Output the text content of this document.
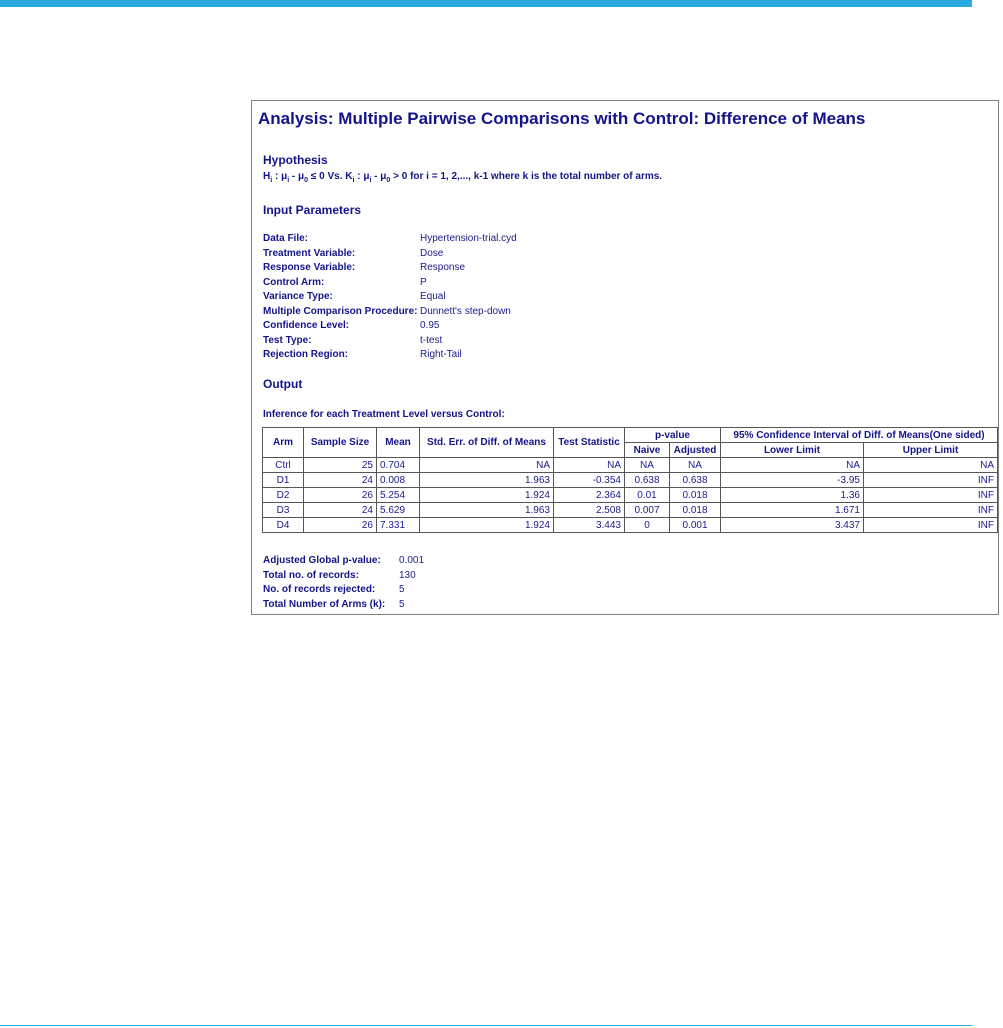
Analysis: Multiple Pairwise Comparisons with Control: Difference of Means
Hypothesis
$H_i$ : $\mu_i - \mu_0 \le 0$ Vs. $K_i$ : $\mu_i - \mu_0 > 0$ for i = 1, 2,..., k-1 where k is the total number of arms.
Input Parameters
Data File:	Hypertension-trial.cyd
Treatment Variable:	Dose
Response Variable:	Response
Control Arm:	P
Variance Type:	Equal
Multiple Comparison Procedure: Dunnett's step-down
Confidence Level:	0.95
Test Type:	t-test
Rejection Region:	Right-Tail
Output
Inference for each Treatment Level versus Control:
Arm	Sample Size	Mean	Std. Err. of Diff. of Means	Test Statistic	p-value		95% Confidence Interval of Diff. of Means(One sided)	
					Naive	Adjusted	Lower Limit	Upper Limit
Ctrl	25	0.704	NA	NA	NA	NA	NA	NA
D1	24	0.008	1.963	-0.354	0.638	0.638	-3.95	INF
D2	26	5.254	1.924	2.364	0.01	0.018	1.36	INF
D3	24	5.629	1.963	2.508	0.007	0.018	1.671	INF
D4	26	7.331	1.924	3.443	0	0.001	3.437	INF
Adjusted Global p-value: 0.001
Total no. of records:	130
No. of records rejected: 5
Total Number of Arms (k): 5
